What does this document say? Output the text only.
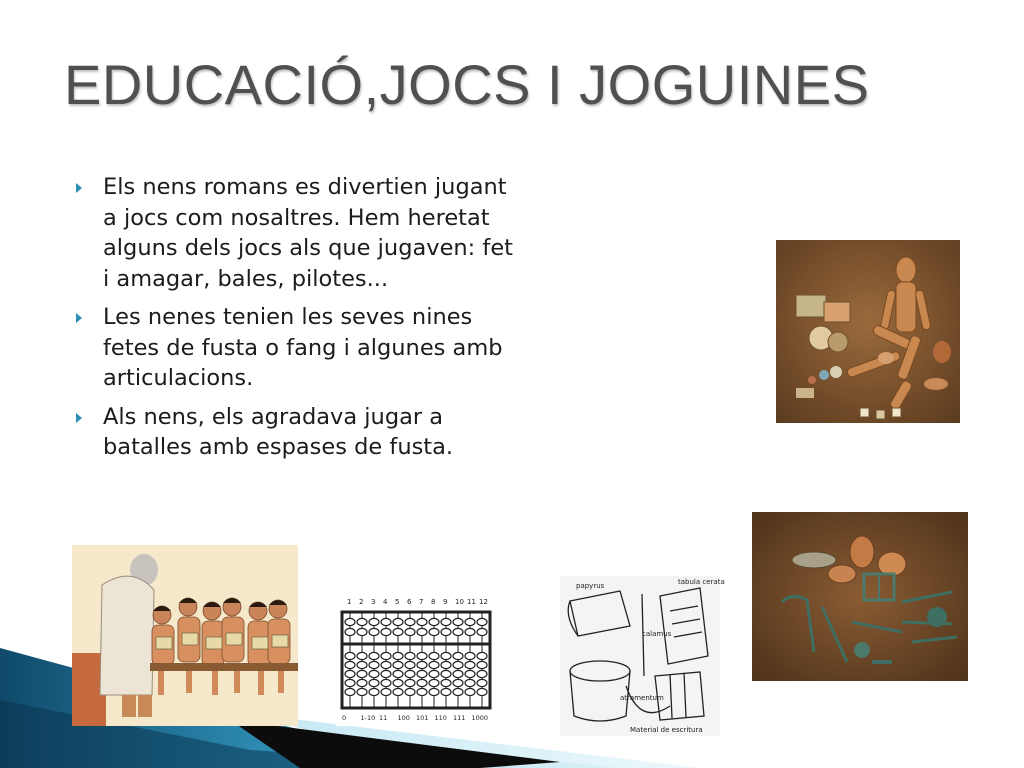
EDUCACIÓ,JOCS I JOGUINES
Els nens romans es divertien jugant a jocs com nosaltres. Hem heretat alguns dels jocs als que jugaven: fet i amagar, bales, pilotes...
Les nenes tenien les seves nines fetes de fusta o fang i algunes amb articulacions.
Als nens, els agradava jugar a batalles amb espases de fusta.
1 2 3 4 5 6 7 8 9 10 11 12
0 1-10 11 100 101 110 111 1000
papyrus	tabula cerata
calamus
atramentum
Material de escritura
